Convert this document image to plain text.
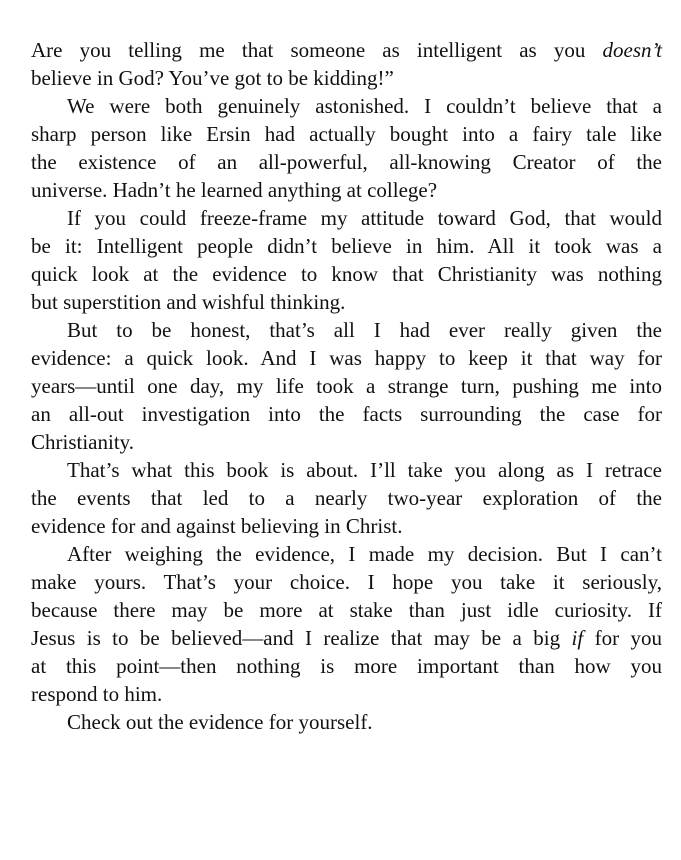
Are you telling me that someone as intelligent as you doesn’t
believe in God? You’ve got to be kidding!”
We were both genuinely astonished. I couldn’t believe that a
sharp person like Ersin had actually bought into a fairy tale like
the existence of an all-powerful, all-knowing Creator of the
universe. Hadn’t he learned anything at college?
If you could freeze-frame my attitude toward God, that would
be it: Intelligent people didn’t believe in him. All it took was a
quick look at the evidence to know that Christianity was nothing
but superstition and wishful thinking.
But to be honest, that’s all I had ever really given the
evidence: a quick look. And I was happy to keep it that way for
years—until one day, my life took a strange turn, pushing me into
an all-out investigation into the facts surrounding the case for
Christianity.
That’s what this book is about. I’ll take you along as I retrace
the events that led to a nearly two-year exploration of the
evidence for and against believing in Christ.
After weighing the evidence, I made my decision. But I can’t
make yours. That’s your choice. I hope you take it seriously,
because there may be more at stake than just idle curiosity. If
Jesus is to be believed—and I realize that may be a big if for you
at this point—then nothing is more important than how you
respond to him.
Check out the evidence for yourself.
